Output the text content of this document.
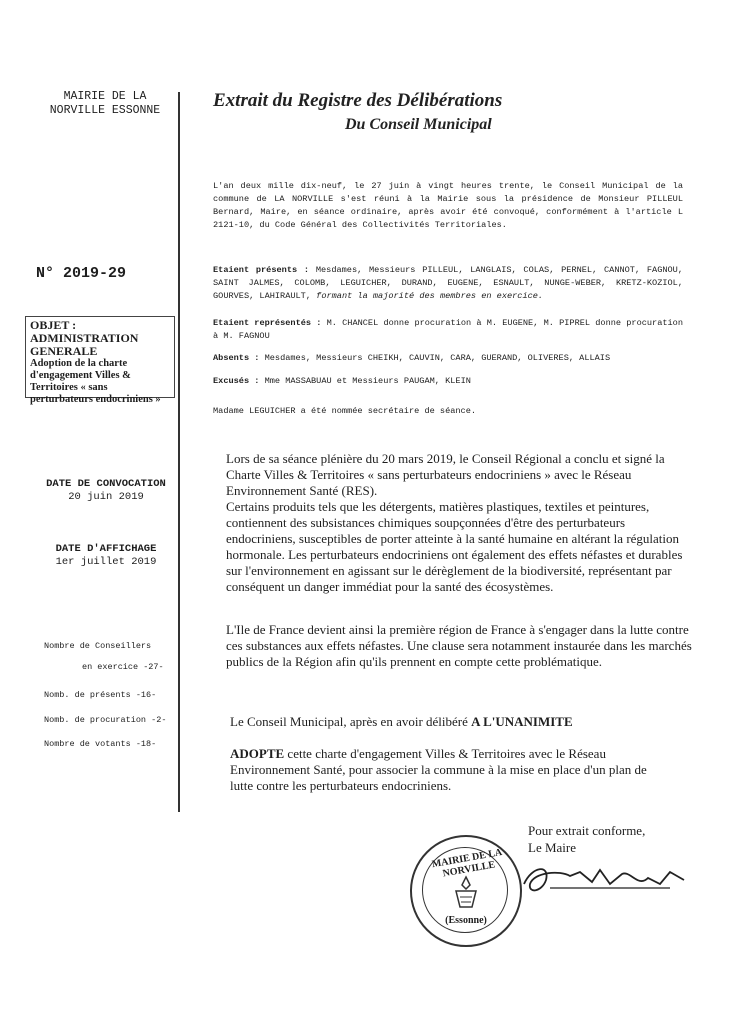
MAIRIE DE LA
NORVILLE ESSONNE
N° 2019-29
OBJET : ADMINISTRATION GENERALE
Adoption de la charte d'engagement Villes & Territoires « sans perturbateurs endocriniens »
DATE DE CONVOCATION
20 juin 2019
DATE D'AFFICHAGE
1er juillet 2019
Nombre de Conseillers
en exercice -27-
Nomb. de présents -16-
Nomb. de procuration -2-
Nombre de votants -18-
Extrait du Registre des Délibérations
Du Conseil Municipal
L'an deux mille dix-neuf, le 27 juin à vingt heures trente, le Conseil Municipal de la commune de LA NORVILLE s'est réuni à la Mairie sous la présidence de Monsieur PILLEUL Bernard, Maire, en séance ordinaire, après avoir été convoqué, conformément à l'article L 2121-10, du Code Général des Collectivités Territoriales.
Etaient présents : Mesdames, Messieurs PILLEUL, LANGLAIS, COLAS, PERNEL, CANNOT, FAGNOU, SAINT JALMES, COLOMB, LEGUICHER, DURAND, EUGENE, ESNAULT, NUNGE-WEBER, KRETZ-KOZIOL, GOURVES, LAHIRAULT, formant la majorité des membres en exercice.
Etaient représentés : M. CHANCEL donne procuration à M. EUGENE, M. PIPREL donne procuration à M. FAGNOU
Absents : Mesdames, Messieurs CHEIKH, CAUVIN, CARA, GUERAND, OLIVERES, ALLAIS
Excusés : Mme MASSABUAU et Messieurs PAUGAM, KLEIN
Madame LEGUICHER a été nommée secrétaire de séance.
Lors de sa séance plénière du 20 mars 2019, le Conseil Régional a conclu et signé la Charte Villes & Territoires « sans perturbateurs endocriniens » avec le Réseau Environnement Santé (RES).
Certains produits tels que les détergents, matières plastiques, textiles et peintures, contiennent des subsistances chimiques soupçonnées d'être des perturbateurs endocriniens, susceptibles de porter atteinte à la santé humaine en altérant la régulation hormonale. Les perturbateurs endocriniens ont également des effets néfastes et durables sur l'environnement en agissant sur le dérèglement de la biodiversité, représentant par conséquent un danger immédiat pour la santé des écosystèmes.
L'Ile de France devient ainsi la première région de France à s'engager dans la lutte contre ces substances aux effets néfastes. Une clause sera notamment instaurée dans les marchés publics de la Région afin qu'ils prennent en compte cette problématique.
Le Conseil Municipal, après en avoir délibéré A L'UNANIMITE
ADOPTE cette charte d'engagement Villes & Territoires avec le Réseau Environnement Santé, pour associer la commune à la mise en place d'un plan de lutte contre les perturbateurs endocriniens.
Pour extrait conforme,
Le Maire
MAIRIE DE LA NORVILLE
(Essonne)
